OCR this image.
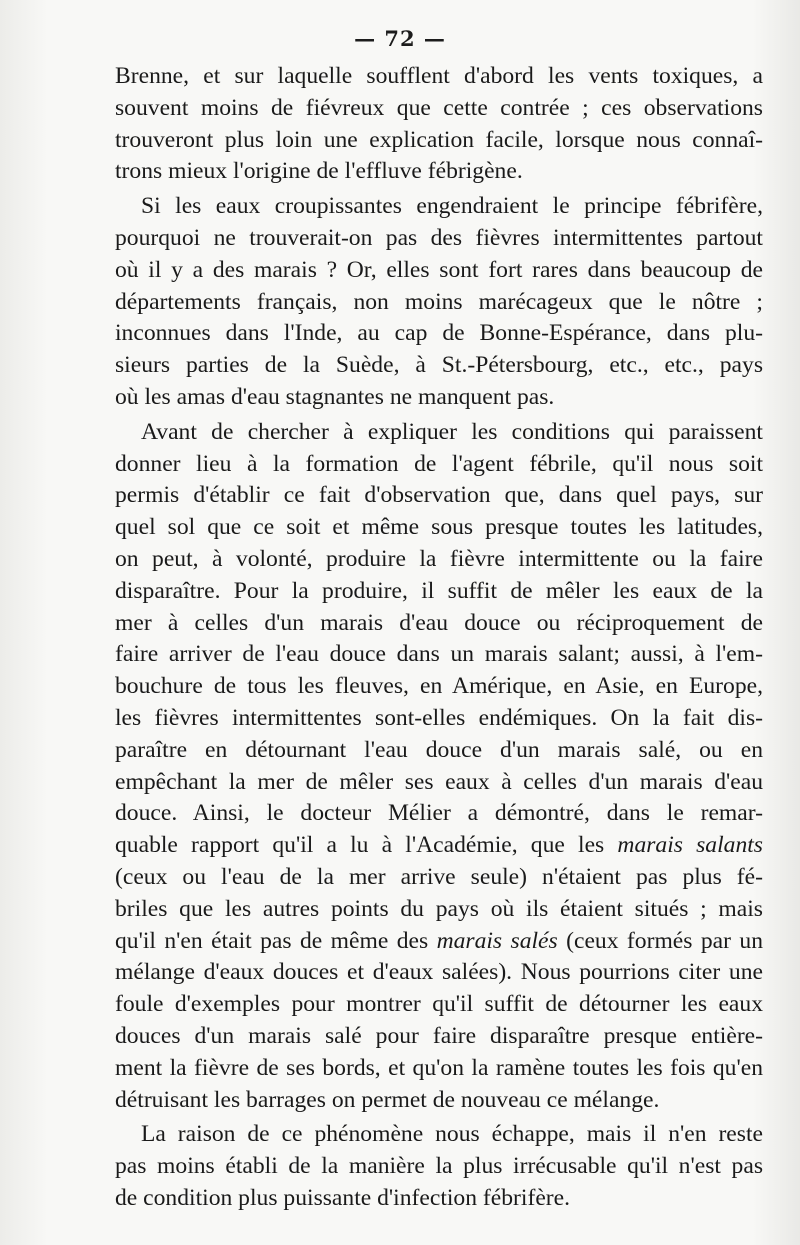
— 72 —

Brenne, et sur laquelle soufflent d'abord les vents toxiques, a
souvent moins de fiévreux que cette contrée ; ces observations
trouveront plus loin une explication facile, lorsque nous connaî-
trons mieux l'origine de l'effluve fébrigène.

Si les eaux croupissantes engendraient le principe fébrifère,
pourquoi ne trouverait-on pas des fièvres intermittentes partout
où il y a des marais ? Or, elles sont fort rares dans beaucoup de
départements français, non moins marécageux que le nôtre ;
inconnues dans l'Inde, au cap de Bonne-Espérance, dans plu-
sieurs parties de la Suède, à St.-Pétersbourg, etc., etc., pays
où les amas d'eau stagnantes ne manquent pas.

Avant de chercher à expliquer les conditions qui paraissent
donner lieu à la formation de l'agent fébrile, qu'il nous soit
permis d'établir ce fait d'observation que, dans quel pays, sur
quel sol que ce soit et même sous presque toutes les latitudes,
on peut, à volonté, produire la fièvre intermittente ou la faire
disparaître. Pour la produire, il suffit de mêler les eaux de la
mer à celles d'un marais d'eau douce ou réciproquement de
faire arriver de l'eau douce dans un marais salant; aussi, à l'em-
bouchure de tous les fleuves, en Amérique, en Asie, en Europe,
les fièvres intermittentes sont-elles endémiques. On la fait dis-
paraître en détournant l'eau douce d'un marais salé, ou en
empêchant la mer de mêler ses eaux à celles d'un marais d'eau
douce. Ainsi, le docteur Mélier a démontré, dans le remar-
quable rapport qu'il a lu à l'Académie, que les marais salants
(ceux ou l'eau de la mer arrive seule) n'étaient pas plus fé-
briles que les autres points du pays où ils étaient situés ; mais
qu'il n'en était pas de même des marais salés (ceux formés par un
mélange d'eaux douces et d'eaux salées). Nous pourrions citer une
foule d'exemples pour montrer qu'il suffit de détourner les eaux
douces d'un marais salé pour faire disparaître presque entière-
ment la fièvre de ses bords, et qu'on la ramène toutes les fois qu'en
détruisant les barrages on permet de nouveau ce mélange.

La raison de ce phénomène nous échappe, mais il n'en reste
pas moins établi de la manière la plus irrécusable qu'il n'est pas
de condition plus puissante d'infection fébrifère.
